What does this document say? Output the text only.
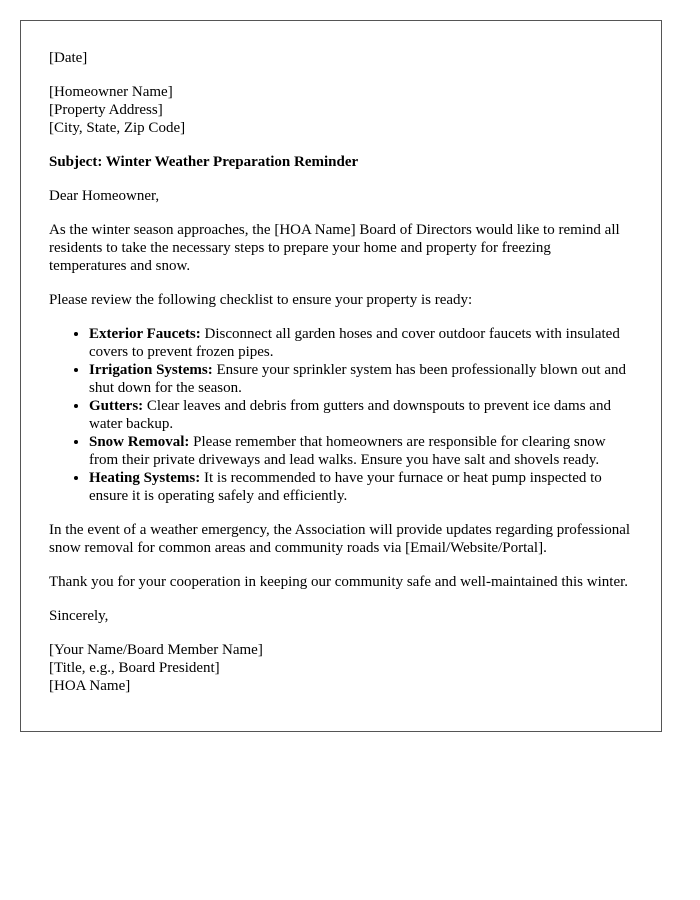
[Date]

[Homeowner Name]
[Property Address]
[City, State, Zip Code]

Subject: Winter Weather Preparation Reminder

Dear Homeowner,

As the winter season approaches, the [HOA Name] Board of Directors would like to remind all residents to take the necessary steps to prepare your home and property for freezing temperatures and snow.

Please review the following checklist to ensure your property is ready:

• Exterior Faucets: Disconnect all garden hoses and cover outdoor faucets with insulated covers to prevent frozen pipes.
• Irrigation Systems: Ensure your sprinkler system has been professionally blown out and shut down for the season.
• Gutters: Clear leaves and debris from gutters and downspouts to prevent ice dams and water backup.
• Snow Removal: Please remember that homeowners are responsible for clearing snow from their private driveways and lead walks. Ensure you have salt and shovels ready.
• Heating Systems: It is recommended to have your furnace or heat pump inspected to ensure it is operating safely and efficiently.

In the event of a weather emergency, the Association will provide updates regarding professional snow removal for common areas and community roads via [Email/Website/Portal].

Thank you for your cooperation in keeping our community safe and well-maintained this winter.

Sincerely,

[Your Name/Board Member Name]
[Title, e.g., Board President]
[HOA Name]
